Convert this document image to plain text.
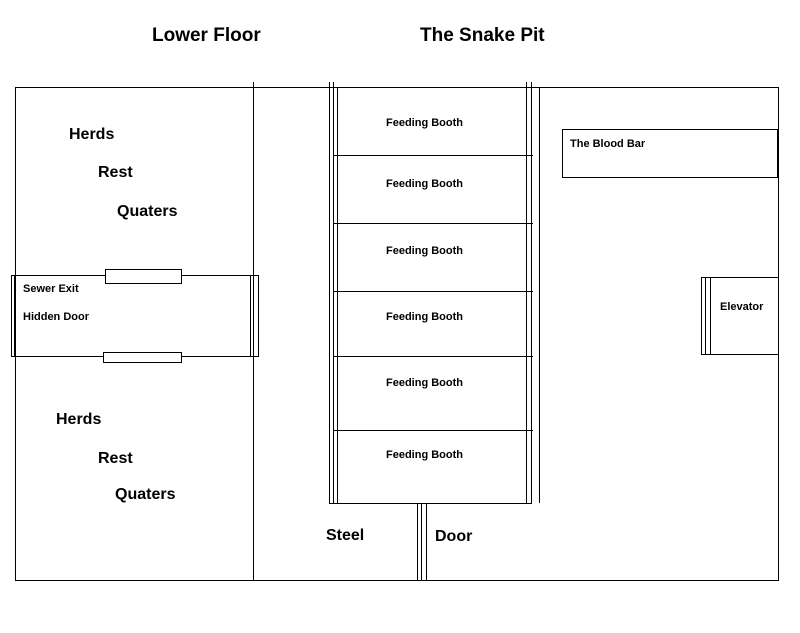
Lower Floor	The Snake Pit
Herds
Rest
Quaters
Herds
Rest
Quaters
Sewer Exit
Hidden Door
The Blood Bar
Elevator
Feeding Booth
Feeding Booth
Feeding Booth
Feeding Booth
Feeding Booth
Feeding Booth
Steel	Door
